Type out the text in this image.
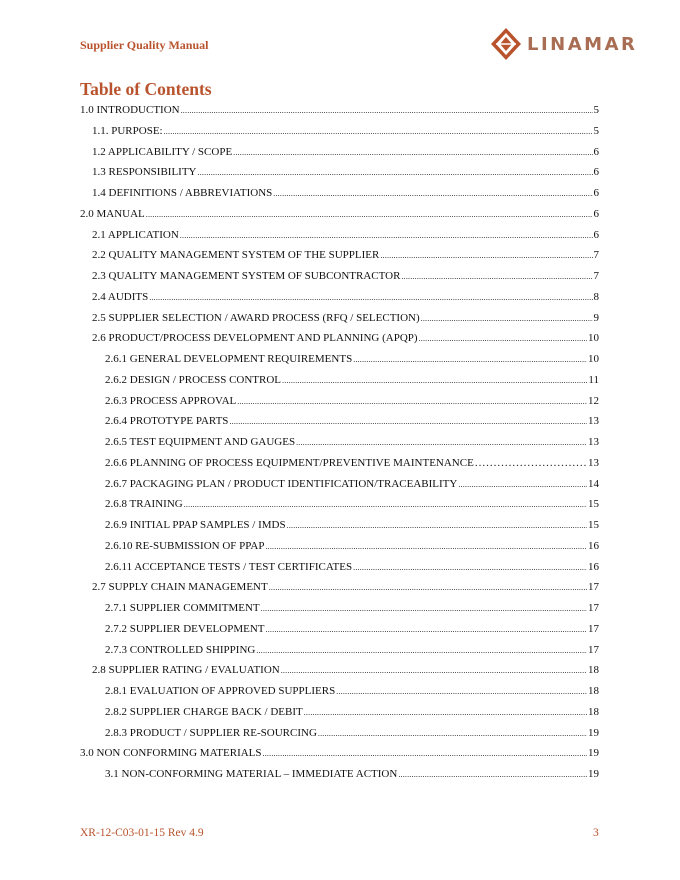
Supplier Quality Manual	LINAMAR
Table of Contents
1.0 INTRODUCTION .....	5
1.1. PURPOSE: .....	5
1.2 APPLICABILITY / SCOPE .....	6
1.3 RESPONSIBILITY .....	6
1.4 DEFINITIONS / ABBREVIATIONS .....	6
2.0 MANUAL .....	6
2.1 APPLICATION .....	6
2.2 QUALITY MANAGEMENT SYSTEM OF THE SUPPLIER .....	7
2.3 QUALITY MANAGEMENT SYSTEM OF SUBCONTRACTOR .....	7
2.4 AUDITS .....	8
2.5 SUPPLIER SELECTION / AWARD PROCESS (RFQ / SELECTION) .....	9
2.6 PRODUCT/PROCESS DEVELOPMENT AND PLANNING (APQP) .....	10
2.6.1 GENERAL DEVELOPMENT REQUIREMENTS .....	10
2.6.2 DESIGN / PROCESS CONTROL .....	11
2.6.3 PROCESS APPROVAL .....	12
2.6.4 PROTOTYPE PARTS .....	13
2.6.5 TEST EQUIPMENT AND GAUGES .....	13
2.6.6 PLANNING OF PROCESS EQUIPMENT/PREVENTIVE MAINTENANCE .....	13
2.6.7 PACKAGING PLAN / PRODUCT IDENTIFICATION/TRACEABILITY .....	14
2.6.8 TRAINING .....	15
2.6.9 INITIAL PPAP SAMPLES / IMDS .....	15
2.6.10 RE-SUBMISSION OF PPAP .....	16
2.6.11 ACCEPTANCE TESTS / TEST CERTIFICATES .....	16
2.7 SUPPLY CHAIN MANAGEMENT .....	17
2.7.1 SUPPLIER COMMITMENT .....	17
2.7.2 SUPPLIER DEVELOPMENT .....	17
2.7.3 CONTROLLED SHIPPING .....	17
2.8 SUPPLIER RATING / EVALUATION .....	18
2.8.1 EVALUATION OF APPROVED SUPPLIERS .....	18
2.8.2 SUPPLIER CHARGE BACK / DEBIT .....	18
2.8.3 PRODUCT / SUPPLIER RE-SOURCING .....	19
3.0 NON CONFORMING MATERIALS .....	19
3.1 NON-CONFORMING MATERIAL – IMMEDIATE ACTION .....	19
XR-12-C03-01-15 Rev 4.9	3
